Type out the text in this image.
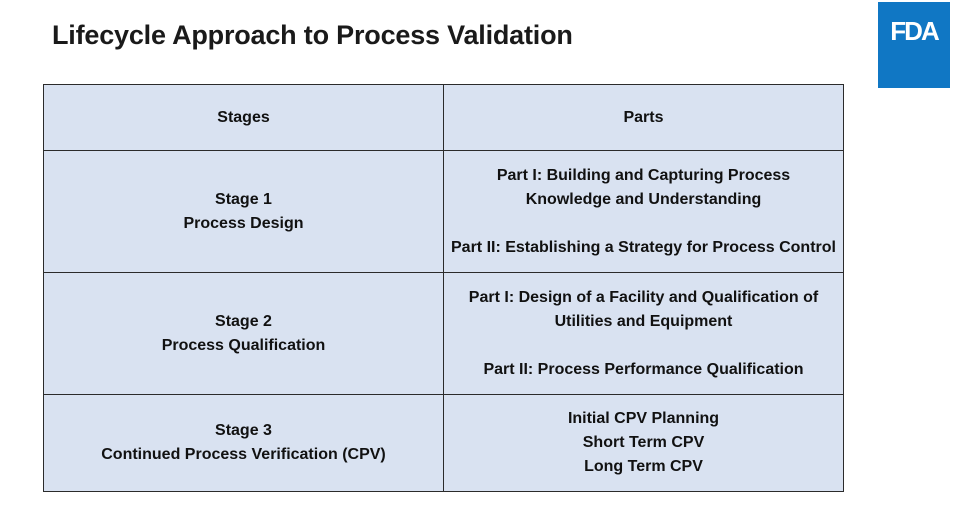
Lifecycle Approach to Process Validation	FDA
Stages	Parts

Stage 1
Process Design	Part I: Building and Capturing Process
Knowledge and Understanding
Part II: Establishing a Strategy for Process Control

Stage 2
Process Qualification	Part I: Design of a Facility and Qualification of
Utilities and Equipment
Part II: Process Performance Qualification

Stage 3
Continued Process Verification (CPV)	Initial CPV Planning
Short Term CPV
Long Term CPV
